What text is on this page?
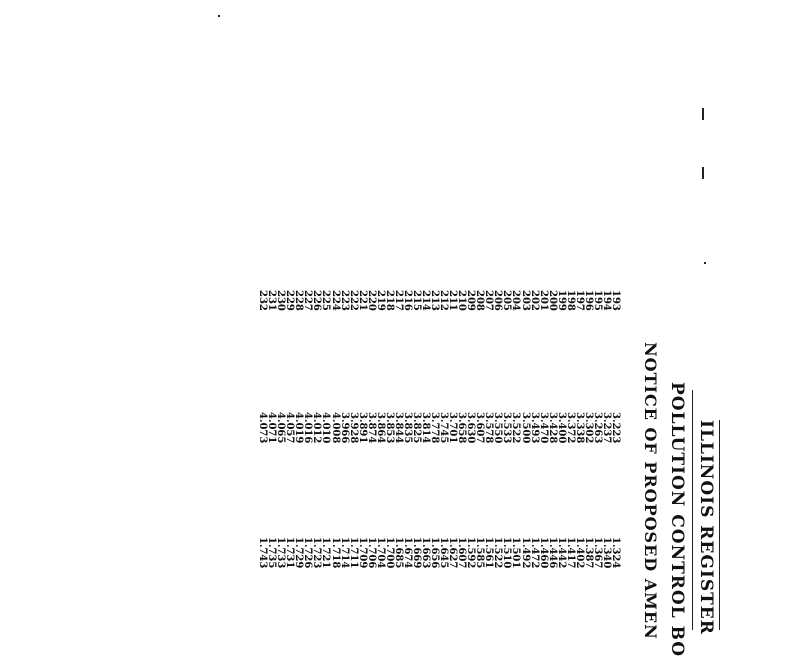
ILLINOIS REGISTER
POLLUTION CONTROL BO
NOTICE OF PROPOSED AMEN
193
3.223
1.324
194
3.237
1.340
195
3.263
1.367
196
3.302
1.387
197
3.338
1.402
198
3.372
1.417
199
3.400
1.442
200
3.428
1.446
201
3.470
1.460
202
3.493
1.472
203
3.500
1.492
204
3.522
1.501
205
3.533
1.510
206
3.550
1.522
207
3.578
1.561
208
3.607
1.585
209
3.630
1.592
210
3.658
1.607
211
3.701
1.627
212
3.745
1.645
213
3.778
1.656
214
3.814
1.663
215
3.825
1.669
216
3.835
1.674
217
3.844
1.685
218
3.853
1.700
219
3.864
1.704
220
3.874
1.706
221
3.891
1.709
222
3.928
1.711
223
3.966
1.714
224
4.008
1.718
225
4.010
1.721
226
4.012
1.723
227
4.016
1.726
228
4.019
1.729
229
4.057
1.731
230
4.065
1.733
231
4.071
1.735
232
4.073
1.743
